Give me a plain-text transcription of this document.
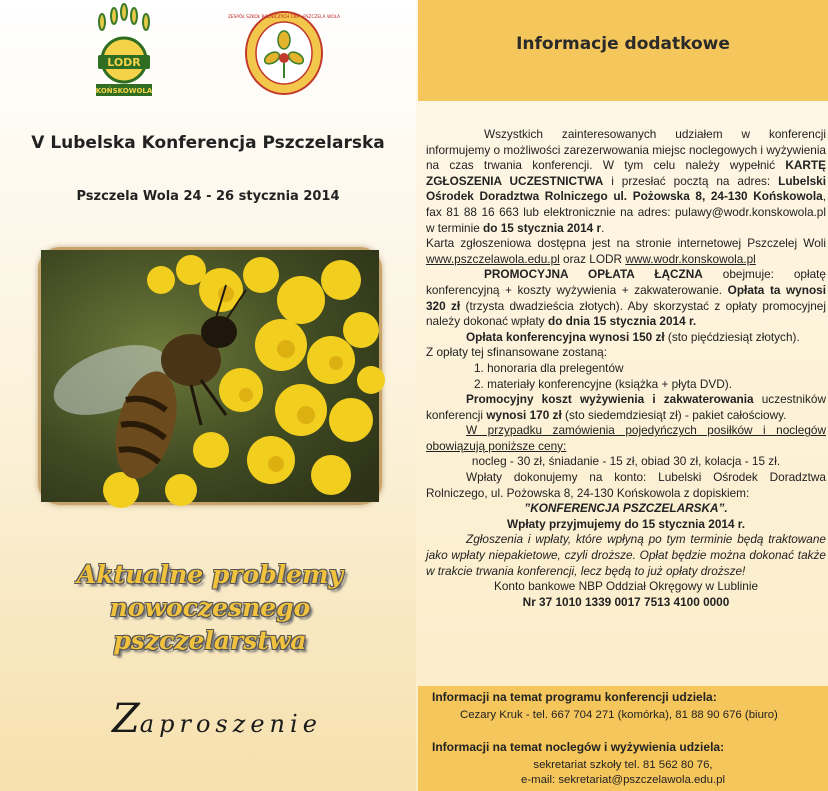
LODR
KOŃSKOWOLA
ZESPÓŁ SZKÓŁ ROLNICZYCH CKP · PSZCZELA WOLA
V Lubelska Konferencja Pszczelarska
Pszczela Wola 24 - 26 stycznia 2014
Aktualne problemy
nowoczesnego pszczelarstwa
Zaproszenie
Informacje dodatkowe

Wszystkich zainteresowanych udziałem w konferencji informujemy o możliwości zarezerwowania miejsc noclegowych i wyżywienia na czas trwania konferencji. W tym celu należy wypełnić KARTĘ ZGŁOSZENIA UCZESTNICTWA i przesłać pocztą na adres: Lubelski Ośrodek Doradztwa Rolniczego ul. Pożowska 8, 24-130 Końskowola, fax 81 88 16 663 lub elektronicznie na adres: pulawy@wodr.konskowola.pl w terminie do 15 stycznia 2014 r.

Karta zgłoszeniowa dostępna jest na stronie internetowej Pszczelej Woli www.pszczelawola.edu.pl oraz LODR www.wodr.konskowola.pl

PROMOCYJNA OPŁATA ŁĄCZNA obejmuje: opłatę konferencyjną + koszty wyżywienia + zakwaterowanie. Opłata ta wynosi 320 zł (trzysta dwadzieścia złotych). Aby skorzystać z opłaty promocyjnej należy dokonać wpłaty do dnia 15 stycznia 2014 r.

Opłata konferencyjna wynosi 150 zł (sto pięćdziesiąt złotych).

Z opłaty tej sfinansowane zostaną:

1. honoraria dla prelegentów

2. materiały konferencyjne (książka + płyta DVD).

Promocyjny koszt wyżywienia i zakwaterowania uczestników konferencji wynosi 170 zł (sto siedemdziesiąt zł) - pakiet całościowy.

W przypadku zamówienia pojedyńczych posiłków i noclegów obowiązują poniższe ceny:

nocleg - 30 zł, śniadanie - 15 zł, obiad 30 zł, kolacja - 15 zł.

Wpłaty dokonujemy na konto: Lubelski Ośrodek Doradztwa Rolniczego, ul. Pożowska 8, 24-130 Końskowola z dopiskiem:

”KONFERENCJA PSZCZELARSKA”.

Wpłaty przyjmujemy do 15 stycznia 2014 r.

Zgłoszenia i wpłaty, które wpłyną po tym terminie będą traktowane jako wpłaty niepakietowe, czyli droższe. Opłat będzie można dokonać także w trakcie trwania konferencji, lecz będą to już opłaty droższe!

Konto bankowe NBP Oddział Okręgowy w Lublinie

Nr 37 1010 1339 0017 7513 4100 0000

Informacji na temat programu konferencji udziela:
Cezary Kruk - tel. 667 704 271 (komórka), 81 88 90 676 (biuro)
Informacji na temat noclegów i wyżywienia udziela:
sekretariat szkoły tel. 81 562 80 76,
e-mail: sekretariat@pszczelawola.edu.pl
